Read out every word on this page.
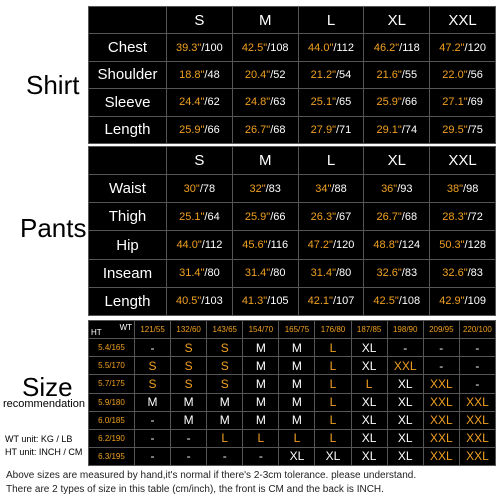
Shirt
	S	M	L	XL	XXL
Chest	39.3"/100	42.5"/108	44.0"/112	46.2"/118	47.2"/120
Shoulder	18.8"/48	20.4"/52	21.2"/54	21.6"/55	22.0"/56
Sleeve	24.4"/62	24.8"/63	25.1"/65	25.9"/66	27.1"/69
Length	25.9"/66	26.7"/68	27.9"/71	29.1"/74	29.5"/75
Pants
	S	M	L	XL	XXL
Waist	30"/78	32"/83	34"/88	36"/93	38"/98
Thigh	25.1"/64	25.9"/66	26.3"/67	26.7"/68	28.3"/72
Hip	44.0"/112	45.6"/116	47.2"/120	48.8"/124	50.3"/128
Inseam	31.4"/80	31.4"/80	31.4"/80	32.6"/83	32.6"/83
Length	40.5"/103	41.3"/105	42.1"/107	42.5"/108	42.9"/109
Size
recommendation
WT unit: KG / LB
HT unit: INCH / CM
HT
WT	121/55	132/60	143/65	154/70	165/75	176/80	187/85	198/90	209/95	220/100
5.4/165	-	S	S	M	M	L	XL	-	-	-
5.5/170	S	S	S	M	M	L	XL	XXL	-	-
5.7/175	S	S	S	M	M	L	L	XL	XXL	-
5.9/180	M	M	M	M	M	L	XL	XL	XXL	XXL
6.0/185	-	M	M	M	M	L	XL	XL	XXL	XXL
6.2/190	-	-	L	L	L	L	XL	XL	XXL	XXL
6.3/195	-	-	-	-	XL	XL	XL	XL	XXL	XXL
Above sizes are measured by hand,it's normal if there's 2-3cm tolerance. please understand.
There are 2 types of size in this table (cm/inch), the front is CM and the back is INCH.
